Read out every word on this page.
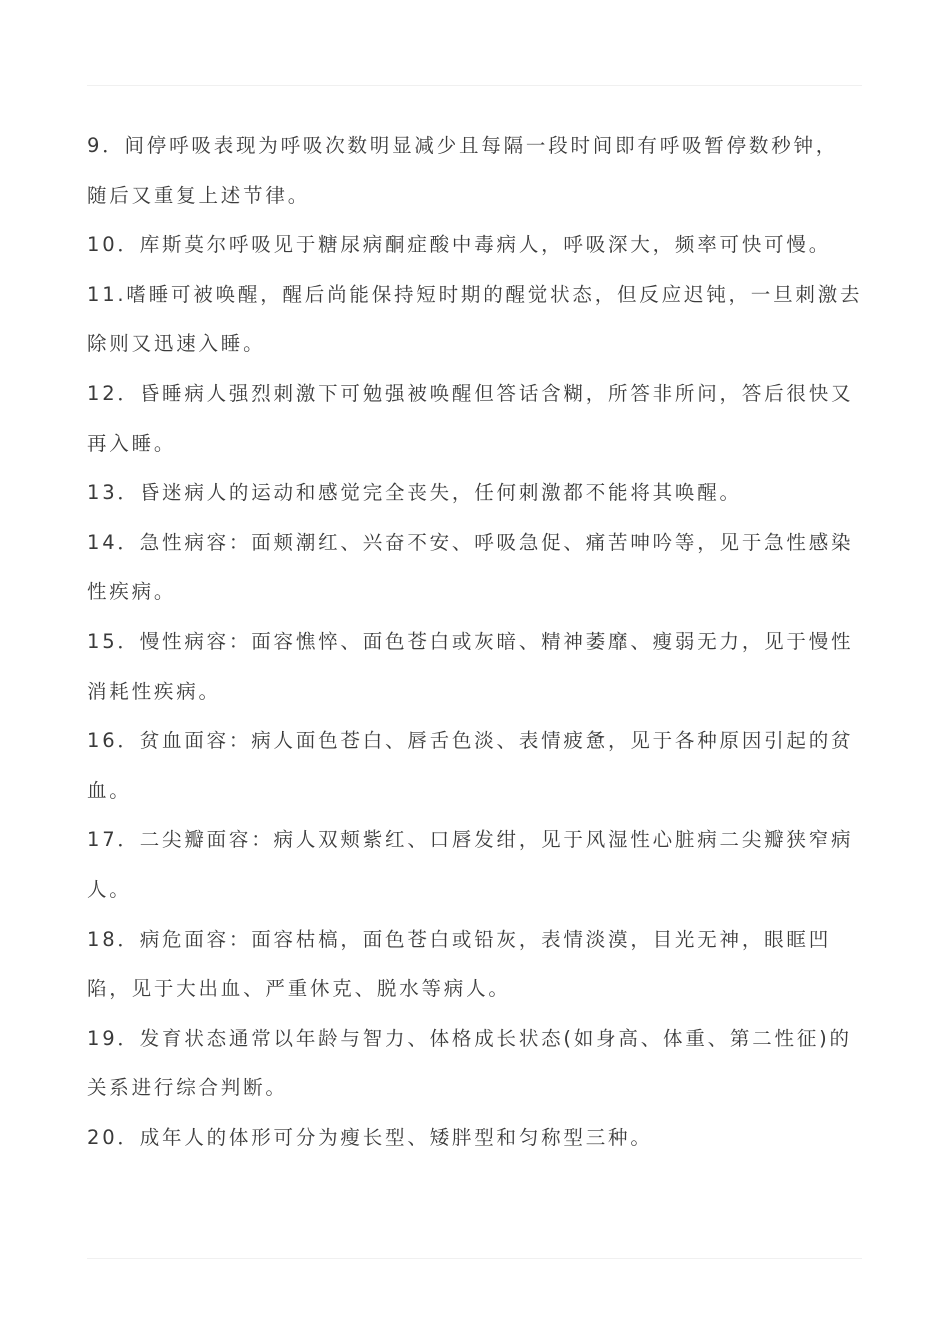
9．间停呼吸表现为呼吸次数明显减少且每隔一段时间即有呼吸暂停数秒钟，

随后又重复上述节律。

10．库斯莫尔呼吸见于糖尿病酮症酸中毒病人，呼吸深大，频率可快可慢。

11.嗜睡可被唤醒，醒后尚能保持短时期的醒觉状态，但反应迟钝，一旦刺激去

除则又迅速入睡。

12．昏睡病人强烈刺激下可勉强被唤醒但答话含糊，所答非所问，答后很快又

再入睡。

13．昏迷病人的运动和感觉完全丧失，任何刺激都不能将其唤醒。

14．急性病容：面颊潮红、兴奋不安、呼吸急促、痛苦呻吟等，见于急性感染

性疾病。

15．慢性病容：面容憔悴、面色苍白或灰暗、精神萎靡、瘦弱无力，见于慢性

消耗性疾病。

16．贫血面容：病人面色苍白、唇舌色淡、表情疲惫，见于各种原因引起的贫

血。

17．二尖瓣面容：病人双颊紫红、口唇发绀，见于风湿性心脏病二尖瓣狭窄病

人。

18．病危面容：面容枯槁，面色苍白或铅灰，表情淡漠，目光无神，眼眶凹

陷，见于大出血、严重休克、脱水等病人。

19．发育状态通常以年龄与智力、体格成长状态(如身高、体重、第二性征)的

关系进行综合判断。

20．成年人的体形可分为瘦长型、矮胖型和匀称型三种。
